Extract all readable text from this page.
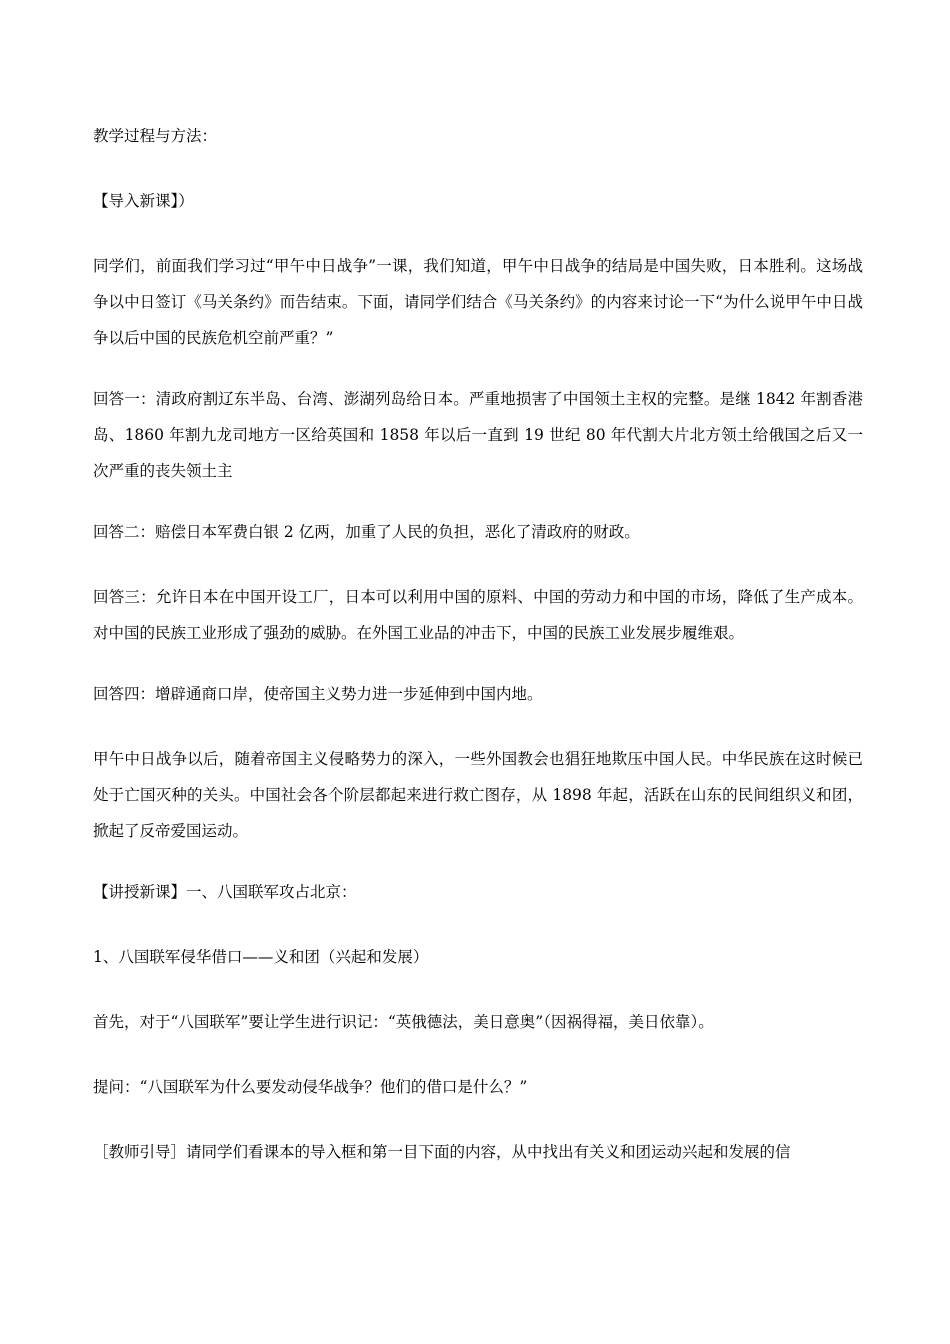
教学过程与方法：

【导入新课】）

同学们，前面我们学习过“甲午中日战争”一课，我们知道，甲午中日战争的结局是中国失败，日本胜利。这场战争以中日签订《马关条约》而告结束。下面，请同学们结合《马关条约》的内容来讨论一下“为什么说甲午中日战争以后中国的民族危机空前严重？”

回答一：清政府割辽东半岛、台湾、澎湖列岛给日本。严重地损害了中国领土主权的完整。是继 1842 年割香港岛、1860 年割九龙司地方一区给英国和 1858 年以后一直到 19 世纪 80 年代割大片北方领土给俄国之后又一次严重的丧失领土主

回答二：赔偿日本军费白银 2 亿两，加重了人民的负担，恶化了清政府的财政。

回答三：允许日本在中国开设工厂，日本可以利用中国的原料、中国的劳动力和中国的市场，降低了生产成本。对中国的民族工业形成了强劲的威胁。在外国工业品的冲击下，中国的民族工业发展步履维艰。

回答四：增辟通商口岸，使帝国主义势力进一步延伸到中国内地。

甲午中日战争以后，随着帝国主义侵略势力的深入，一些外国教会也猖狂地欺压中国人民。中华民族在这时候已处于亡国灭种的关头。中国社会各个阶层都起来进行救亡图存，从 1898 年起，活跃在山东的民间组织义和团，掀起了反帝爱国运动。

【讲授新课】一、八国联军攻占北京：

1、八国联军侵华借口——义和团（兴起和发展）

首先，对于“八国联军”要让学生进行识记：“英俄德法，美日意奥”（因祸得福，美日依靠）。

提问：“八国联军为什么要发动侵华战争？他们的借口是什么？”

［教师引导］请同学们看课本的导入框和第一目下面的内容，从中找出有关义和团运动兴起和发展的信
